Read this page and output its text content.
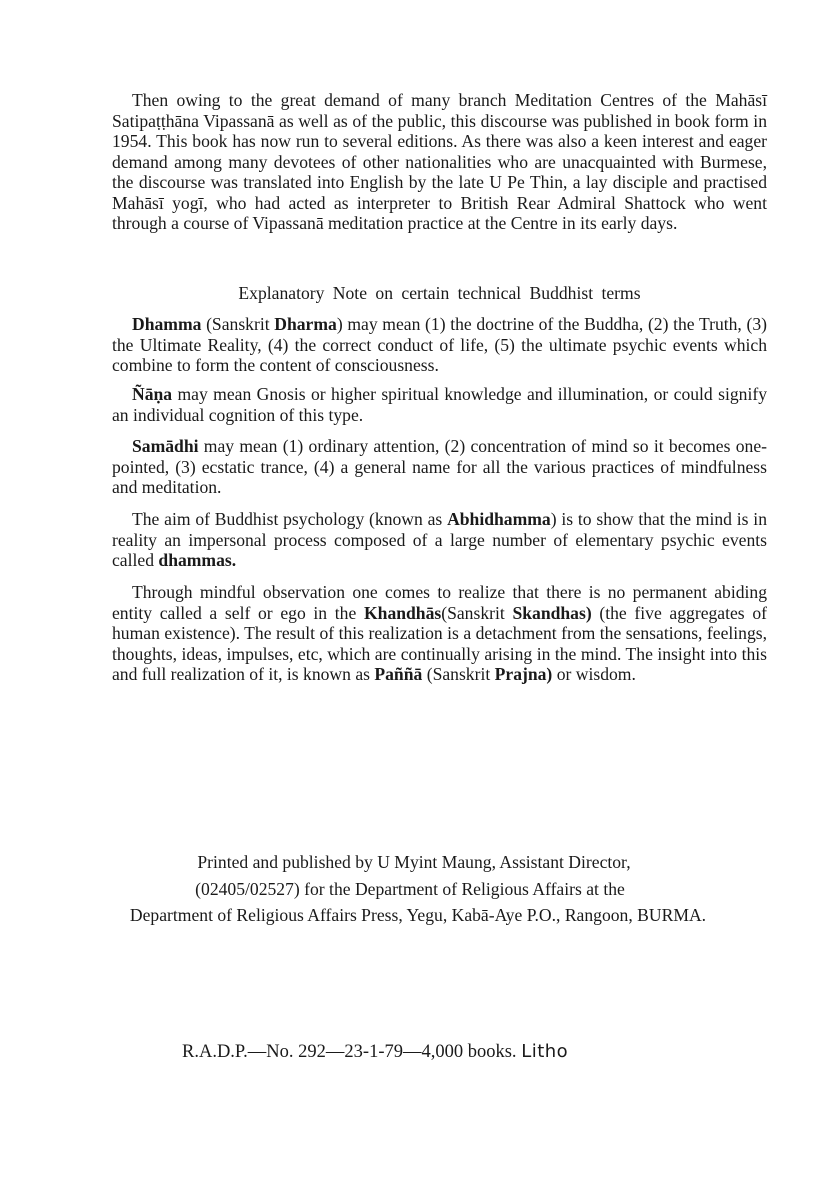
Then owing to the great demand of many branch Meditation Centres of the Mahāsī Satipaṭṭhāna Vipassanā as well as of the public, this discourse was published in book form in 1954. This book has now run to several editions. As there was also a keen interest and eager demand among many devotees of other nationalities who are unacquainted with Burmese, the discourse was translated into English by the late U Pe Thin, a lay disciple and practised Mahāsī yogī, who had acted as interpreter to British Rear Admiral Shattock who went through a course of Vipassanā meditation practice at the Centre in its early days.

Explanatory Note on certain technical Buddhist terms

Dhamma (Sanskrit Dharma) may mean (1) the doctrine of the Buddha, (2) the Truth, (3) the Ultimate Reality, (4) the correct conduct of life, (5) the ultimate psychic events which combine to form the content of consciousness.

Ñāṇa may mean Gnosis or higher spiritual knowledge and illumination, or could signify an individual cognition of this type.

Samādhi may mean (1) ordinary attention, (2) concentration of mind so it becomes one-pointed, (3) ecstatic trance, (4) a general name for all the various practices of mindfulness and meditation.

The aim of Buddhist psychology (known as Abhidhamma) is to show that the mind is in reality an impersonal process composed of a large number of elementary psychic events called dhammas.

Through mindful observation one comes to realize that there is no permanent abiding entity called a self or ego in the Khandhās(Sanskrit Skandhas) (the five aggregates of human existence). The result of this realization is a detachment from the sensations, feelings, thoughts, ideas, impulses, etc, which are continually arising in the mind. The insight into this and full realization of it, is known as Paññā (Sanskrit Prajna) or wisdom.

Printed and published by U Myint Maung, Assistant Director,
(02405/02527) for the Department of Religious Affairs at the
Department of Religious Affairs Press, Yegu, Kabā-Aye P.O., Rangoon, BURMA.
R.A.D.P.—No. 292—23-1-79—4,000 books. Litho
